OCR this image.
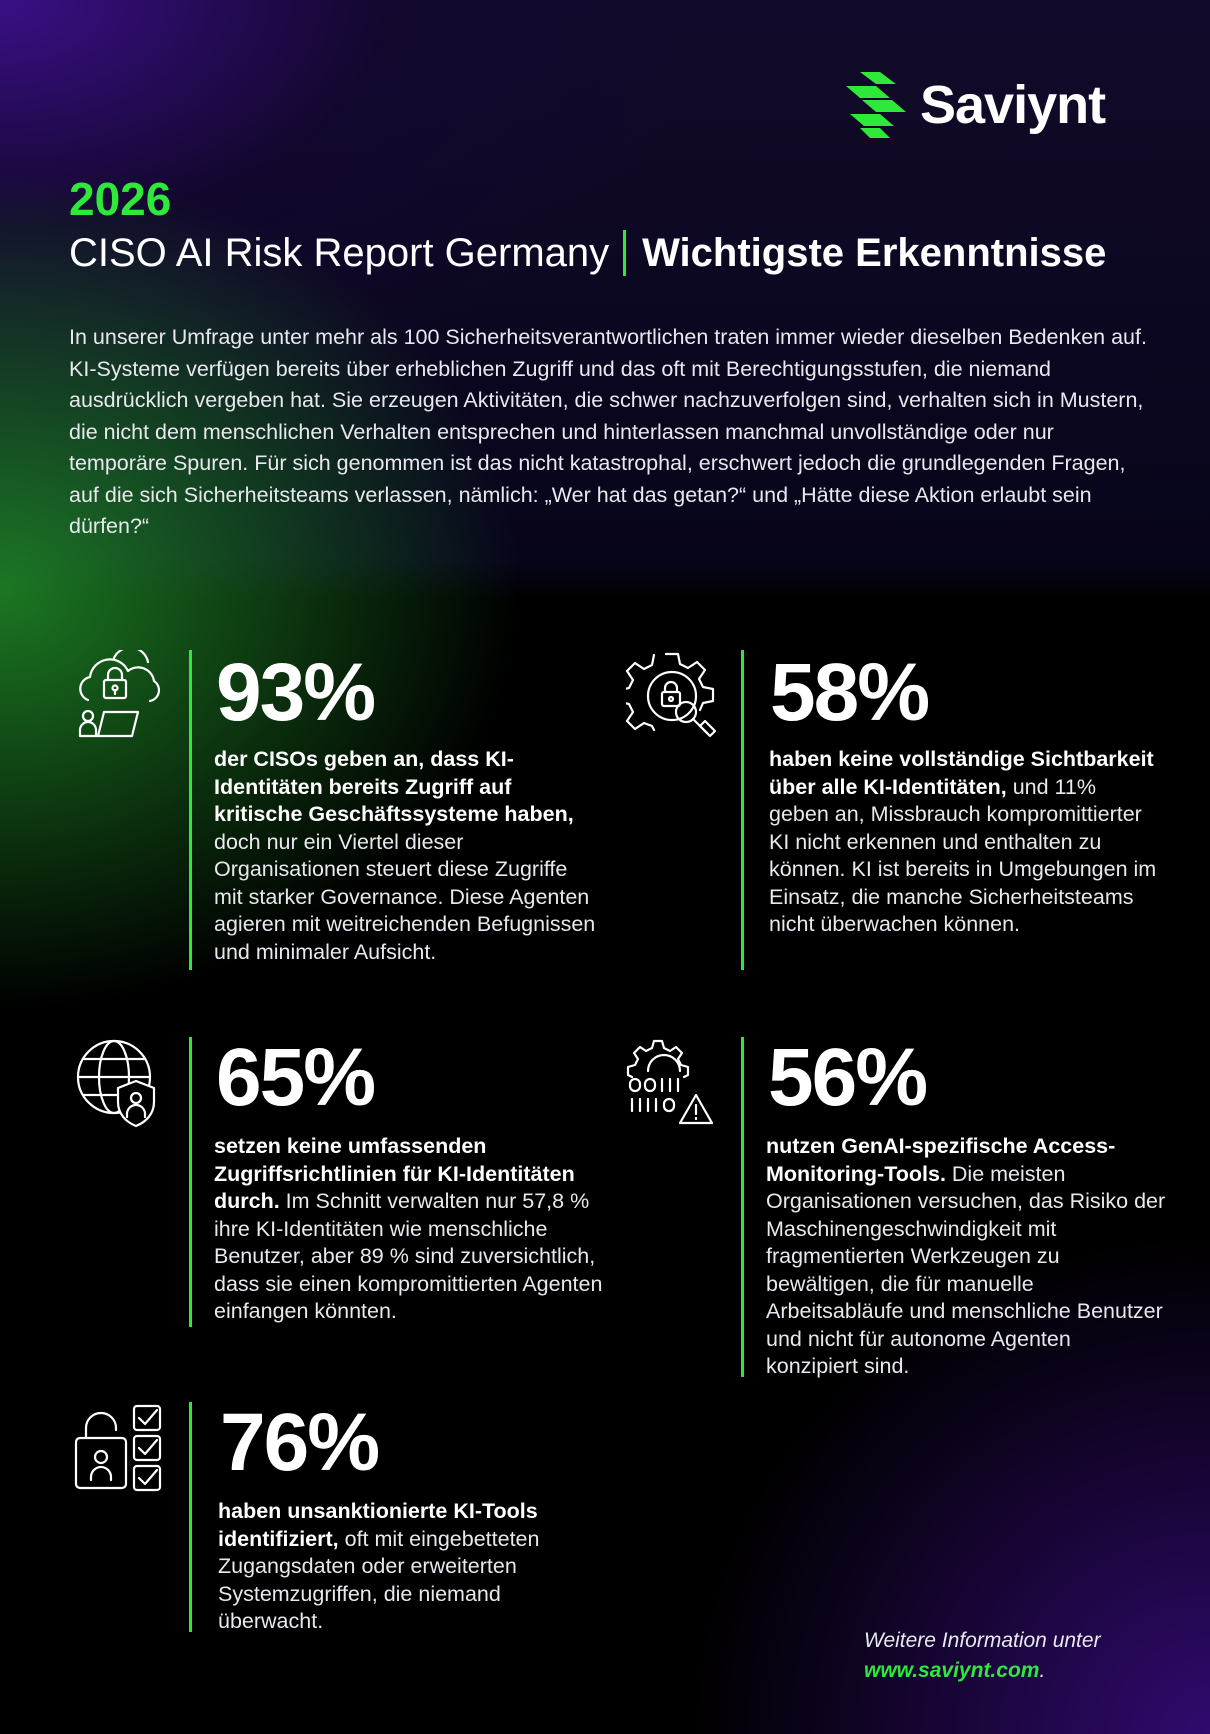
Saviynt
2026
CISO AI Risk Report Germany Wichtigste Erkenntnisse

In unserer Umfrage unter mehr als 100 Sicherheitsverantwortlichen traten immer wieder dieselben Bedenken auf. KI-Systeme verfügen bereits über erheblichen Zugriff und das oft mit Berechtigungsstufen, die niemand ausdrücklich vergeben hat. Sie erzeugen Aktivitäten, die schwer nachzuverfolgen sind, verhalten sich in Mustern, die nicht dem menschlichen Verhalten entsprechen und hinterlassen manchmal unvollständige oder nur temporäre Spuren. Für sich genommen ist das nicht katastrophal, erschwert jedoch die grundlegenden Fragen, auf die sich Sicherheitsteams verlassen, nämlich: „Wer hat das getan?“ und „Hätte diese Aktion erlaubt sein dürfen?“

93%
der CISOs geben an, dass KI-Identitäten bereits Zugriff auf kritische Geschäftssysteme haben, doch nur ein Viertel dieser Organisationen steuert diese Zugriffe mit starker Governance. Diese Agenten agieren mit weitreichenden Befugnissen und minimaler Aufsicht.
58%
haben keine vollständige Sichtbarkeit über alle KI-Identitäten, und 11% geben an, Missbrauch kompromittierter KI nicht erkennen und enthalten zu können. KI ist bereits in Umgebungen im Einsatz, die manche Sicherheitsteams nicht überwachen können.
65%
setzen keine umfassenden Zugriffsrichtlinien für KI-Identitäten durch. Im Schnitt verwalten nur 57,8 % ihre KI-Identitäten wie menschliche Benutzer, aber 89 % sind zuversichtlich, dass sie einen kompromittierten Agenten einfangen könnten.
56%
nutzen GenAI-spezifische Access-Monitoring-Tools. Die meisten Organisationen versuchen, das Risiko der Maschinengeschwindigkeit mit fragmentierten Werkzeugen zu bewältigen, die für manuelle Arbeitsabläufe und menschliche Benutzer und nicht für autonome Agenten konzipiert sind.
76%
haben unsanktionierte KI-Tools identifiziert, oft mit eingebetteten Zugangsdaten oder erweiterten Systemzugriffen, die niemand überwacht.
Weitere Information unter
www.saviynt.com.
